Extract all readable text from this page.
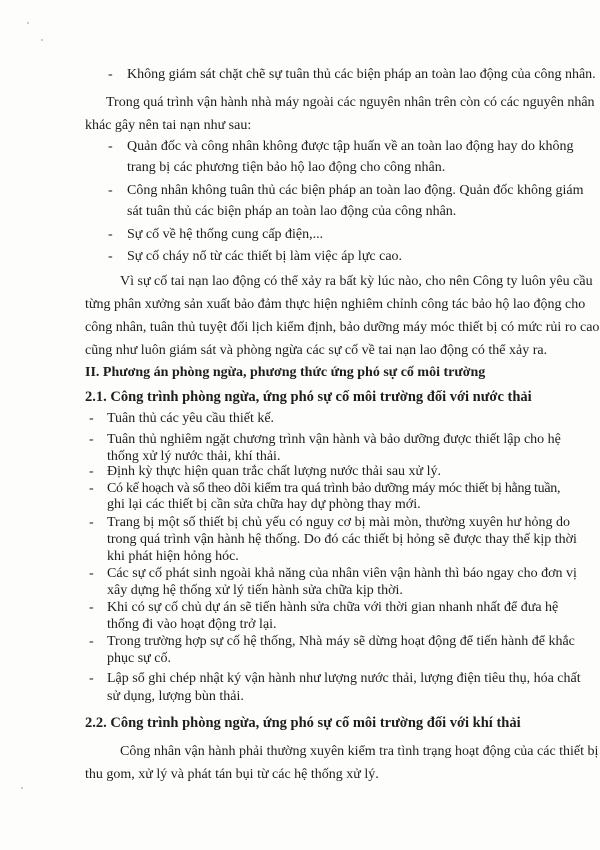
- Không giám sát chặt chẽ sự tuân thủ các biện pháp an toàn lao động của công nhân.
Trong quá trình vận hành nhà máy ngoài các nguyên nhân trên còn có các nguyên nhân
khác gây nên tai nạn như sau:
- Quản đốc và công nhân không được tập huấn về an toàn lao động hay do không
trang bị các phương tiện bảo hộ lao động cho công nhân.
- Công nhân không tuân thủ các biện pháp an toàn lao động. Quản đốc không giám
sát tuân thủ các biện pháp an toàn lao động của công nhân.
- Sự cố về hệ thống cung cấp điện,...
- Sự cố cháy nổ từ các thiết bị làm việc áp lực cao.
Vì sự cố tai nạn lao động có thể xảy ra bất kỳ lúc nào, cho nên Công ty luôn yêu cầu
từng phân xưởng sản xuất bảo đảm thực hiện nghiêm chỉnh công tác bảo hộ lao động cho
công nhân, tuân thủ tuyệt đối lịch kiểm định, bảo dưỡng máy móc thiết bị có mức rủi ro cao
cũng như luôn giám sát và phòng ngừa các sự cố về tai nạn lao động có thể xảy ra.
II. Phương án phòng ngừa, phương thức ứng phó sự cố môi trường
2.1. Công trình phòng ngừa, ứng phó sự cố môi trường đối với nước thải
- Tuân thủ các yêu cầu thiết kế.
- Tuân thủ nghiêm ngặt chương trình vận hành và bảo dưỡng được thiết lập cho hệ
thống xử lý nước thải, khí thải.
- Định kỳ thực hiện quan trắc chất lượng nước thải sau xử lý.
- Có kế hoạch và sổ theo dõi kiểm tra quá trình bảo dưỡng máy móc thiết bị hằng tuần,
ghi lại các thiết bị cần sửa chữa hay dự phòng thay mới.
- Trang bị một số thiết bị chủ yếu có nguy cơ bị mài mòn, thường xuyên hư hỏng do
trong quá trình vận hành hệ thống. Do đó các thiết bị hỏng sẽ được thay thế kịp thời
khi phát hiện hỏng hóc.
- Các sự cố phát sinh ngoài khả năng của nhân viên vận hành thì báo ngay cho đơn vị
xây dựng hệ thống xử lý tiến hành sửa chữa kịp thời.
- Khi có sự cố chủ dự án sẽ tiến hành sửa chữa với thời gian nhanh nhất để đưa hệ
thống đi vào hoạt động trở lại.
- Trong trường hợp sự cố hệ thống, Nhà máy sẽ dừng hoạt động để tiến hành để khắc
phục sự cố.
- Lập sổ ghi chép nhật ký vận hành như lượng nước thải, lượng điện tiêu thụ, hóa chất
sử dụng, lượng bùn thải.
2.2. Công trình phòng ngừa, ứng phó sự cố môi trường đối với khí thải
Công nhân vận hành phải thường xuyên kiểm tra tình trạng hoạt động của các thiết bị
thu gom, xử lý và phát tán bụi từ các hệ thống xử lý.
